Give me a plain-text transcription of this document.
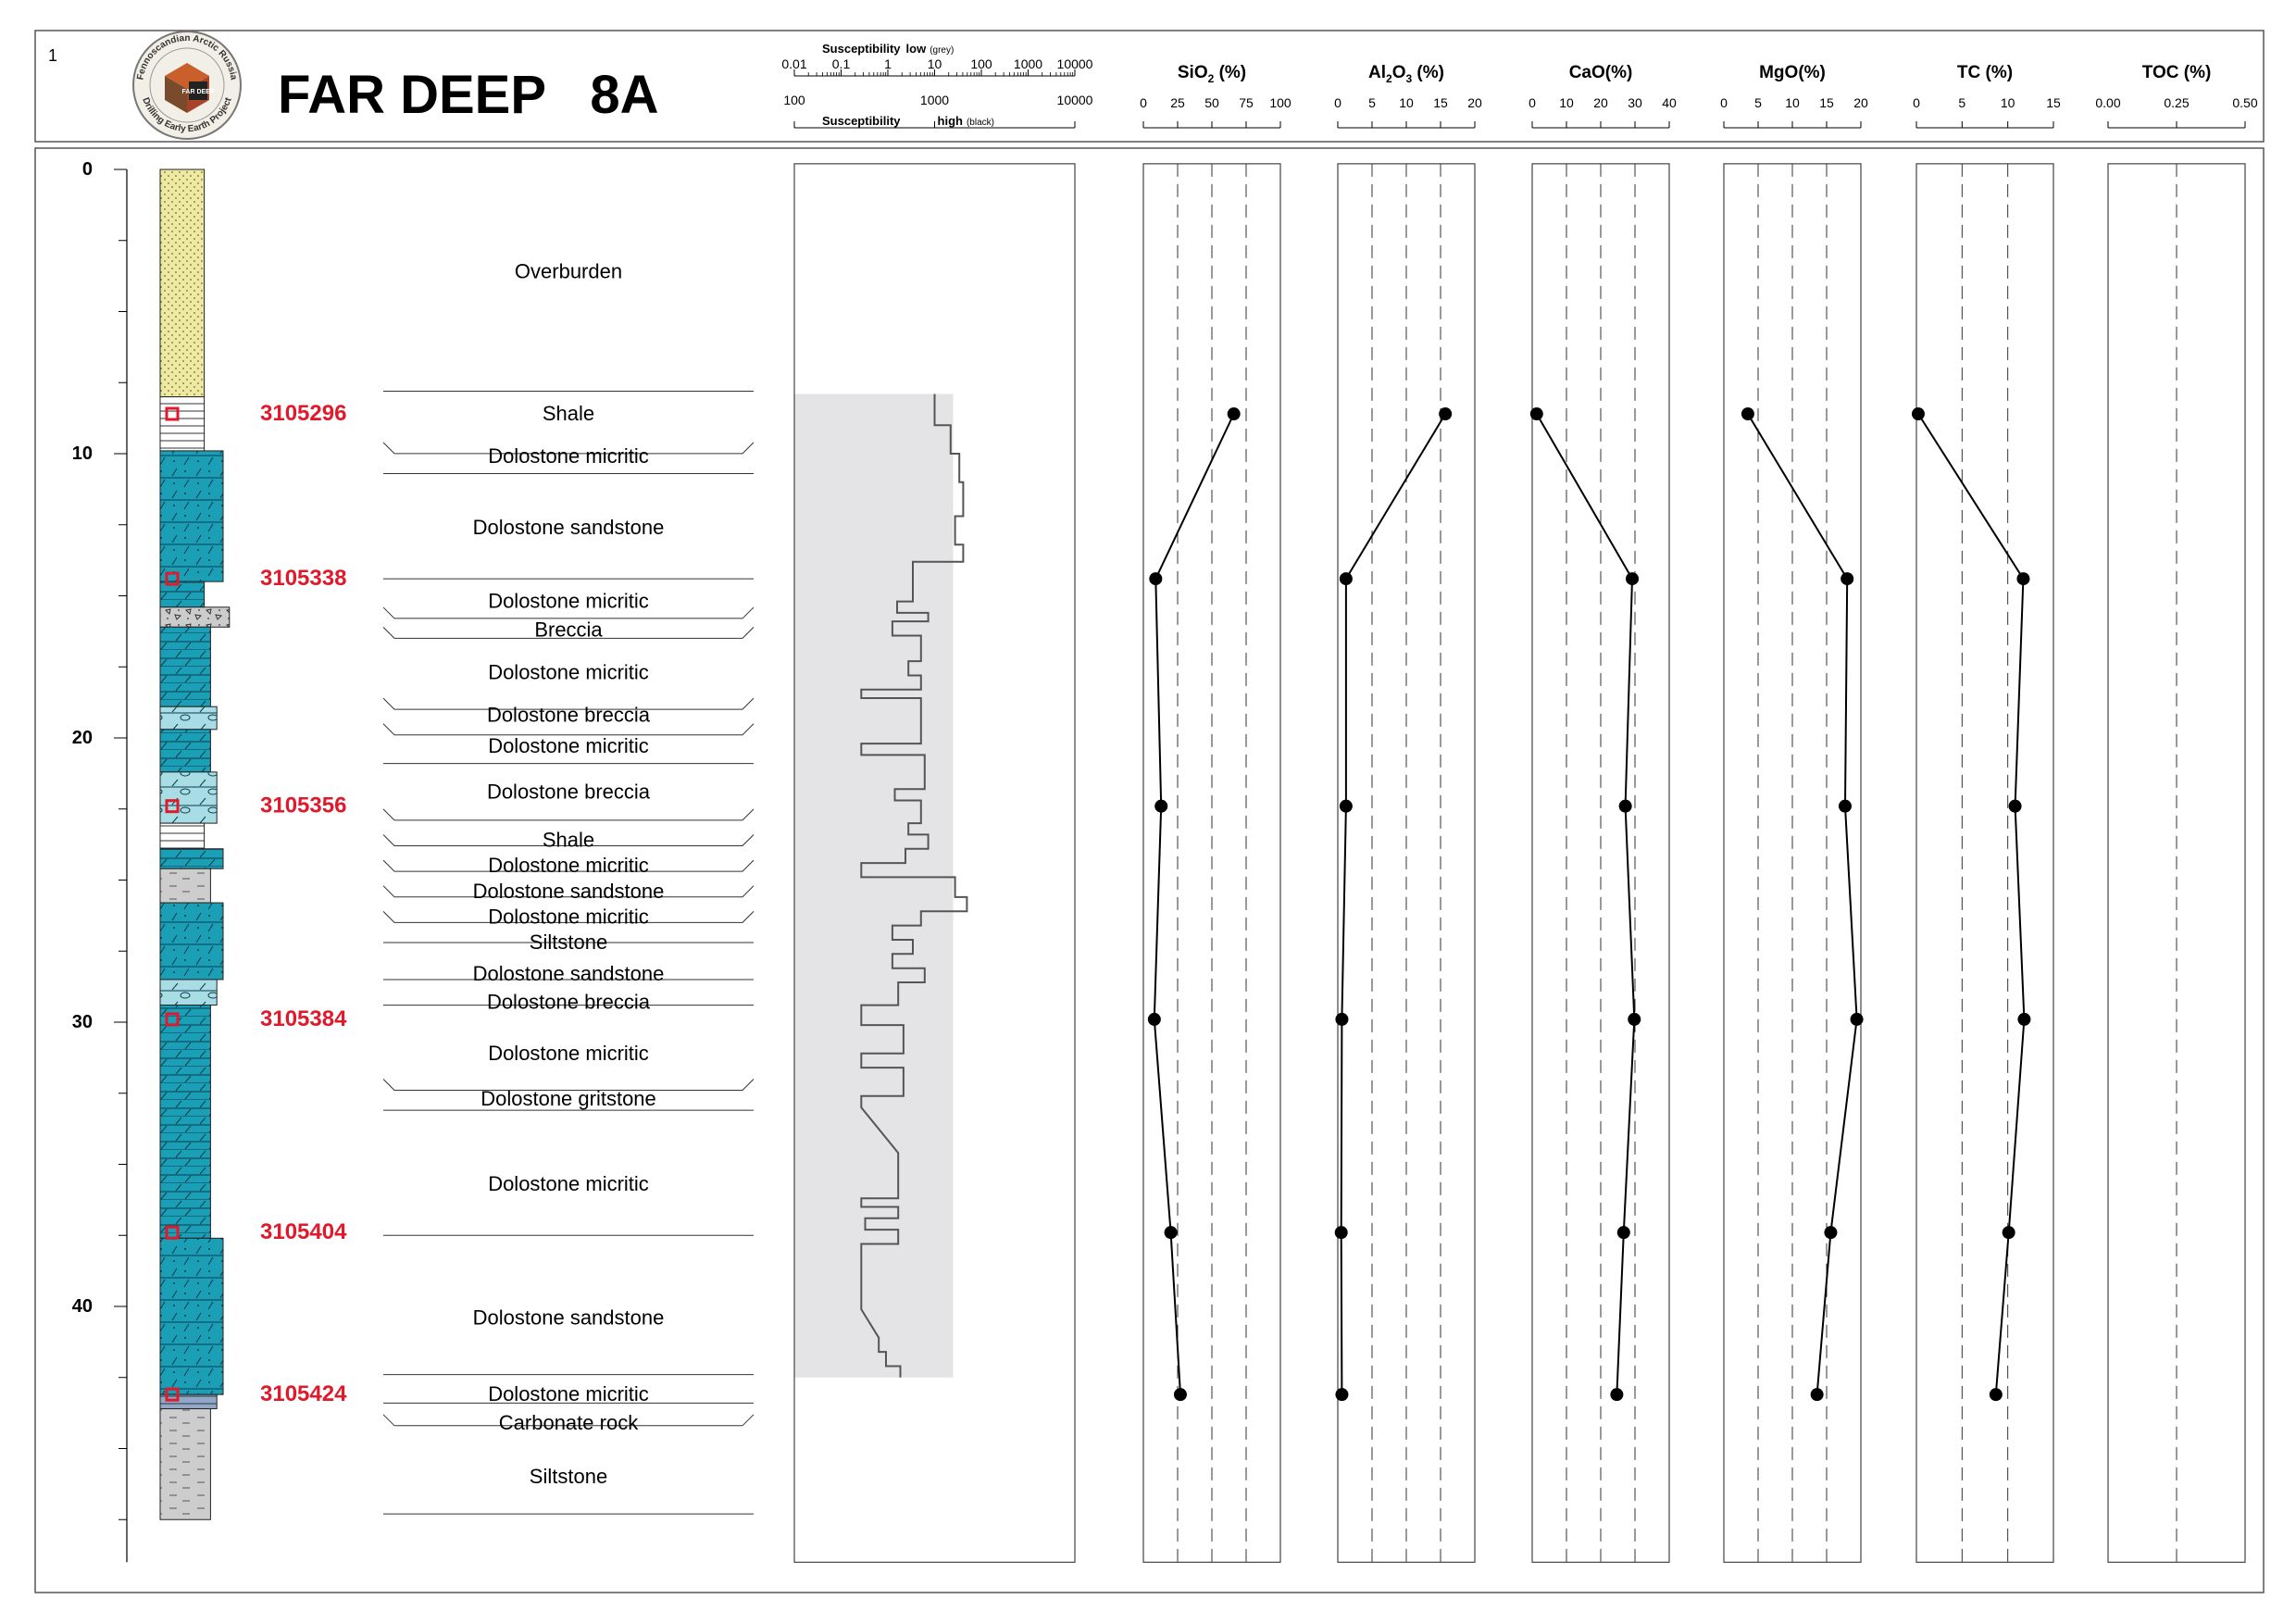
1
FAR DEEP
Fennoscandian Arctic Russia
Drilling Early Earth Project FAR DEEP   8A
Susceptibility low (grey)
0.01 0.1	1	10 100 1000 10000
Susceptibility	high (black)
100	1000	10000
0
10
20
30
40
3105296
3105338
3105356
3105384
3105404
3105424
Overburden
Shale
Dolostone micritic
Dolostone sandstone
Dolostone micritic
Breccia
Dolostone micritic
Dolostone breccia
Dolostone micritic
Dolostone breccia
Shale
Dolostone micritic
Dolostone sandstone
Dolostone micritic
Siltstone
Dolostone sandstone
Dolostone breccia
Dolostone micritic
Dolostone gritstone
Dolostone micritic
Dolostone sandstone
Dolostone micritic
Carbonate rock
Siltstone
SiO$_2$ (%)
0 25 50 75 100
$Al_2O_3$ (%)
0 5 10 15 20
CaO(%)
0 10 20 30 40
MgO(%)
0 5 10 15 20
TC (%)
0	5	10 15
TOC (%)
0.00	0.25	0.50
